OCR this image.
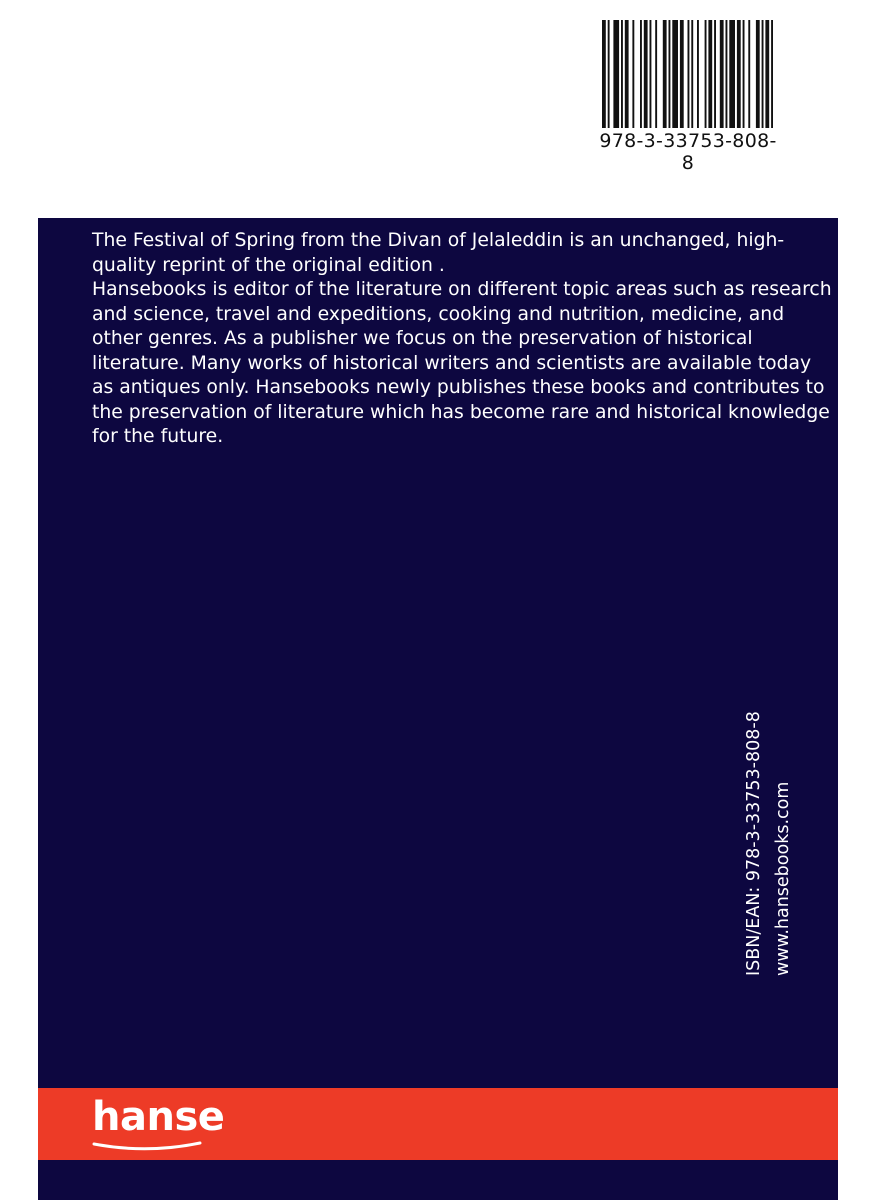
978-3-33753-808-8

The Festival of Spring from the Divan of Jelaleddin is an unchanged, high-quality reprint of the original edition .

Hansebooks is editor of the literature on different topic areas such as research and science, travel and expeditions, cooking and nutrition, medicine, and other genres. As a publisher we focus on the preservation of historical literature. Many works of historical writers and scientists are available today as antiques only. Hansebooks newly publishes these books and contributes to the preservation of literature which has become rare and historical knowledge for the future.

ISBN/EAN: 978-3-33753-808-8 www.hansebooks.com
hanse
